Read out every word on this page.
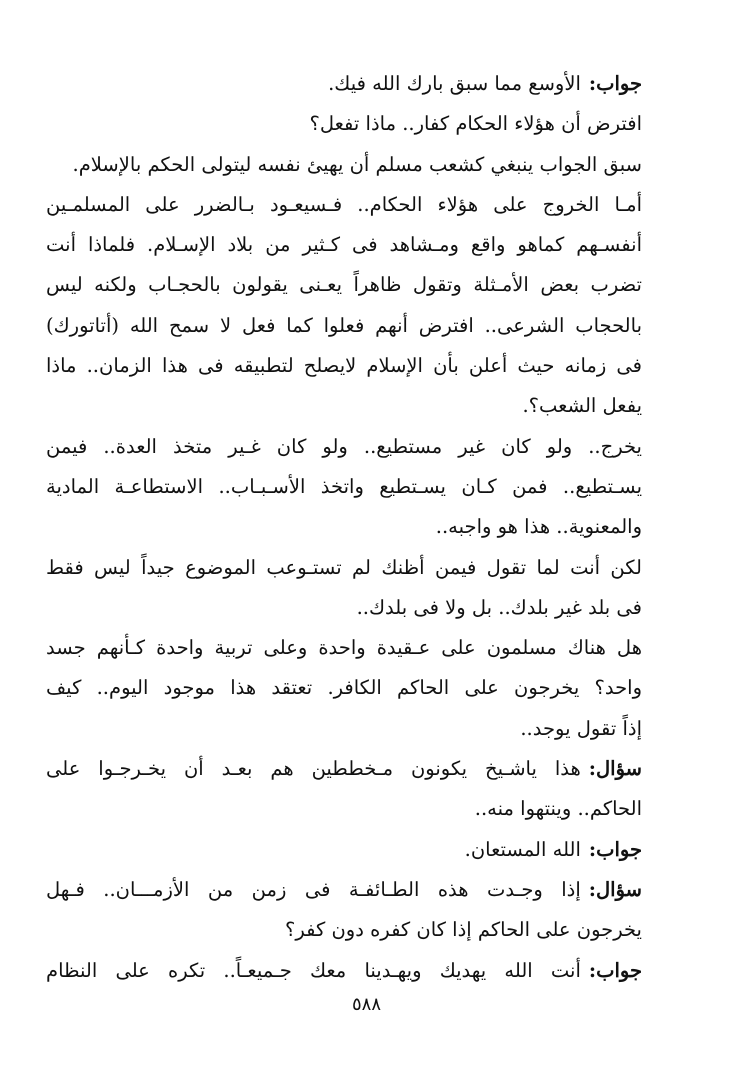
جواب:الأوسع مما سبق بارك الله فيك.
افترض أن هؤلاء الحكام كفار.. ماذا تفعل؟
سبق الجواب ينبغي كشعب مسلم أن يهيئ نفسه ليتولى الحكم بالإسلام.
أمـا الخروج على هؤلاء الحكام.. فـسيعـود بـالضرر على المسلمـين
أنفسـهم كماهو واقع ومـشاهد فى كـثير من بلاد الإسـلام. فلماذا أنت
تضرب بعض الأمـثلة وتقول ظاهراً يعـنى يقولون بالحجـاب ولكنه ليس
بالحجاب الشرعى.. افترض أنهم فعلوا كما فعل لا سمح الله (أتاتورك)
فى زمانه حيث أعلن بأن الإسلام لايصلح لتطبيقه فى هذا الزمان.. ماذا
يفعل الشعب؟.
يخرج.. ولو كان غير مستطيع.. ولو كان غـير متخذ العدة.. فيمن
يسـتطيع.. فمن كـان يسـتطيع واتخذ الأسـبـاب.. الاستطاعـة المادية
والمعنوية.. هذا هو واجبه..
لكن أنت لما تقول فيمن أظنك لم تستـوعب الموضوع جيداً ليس فقط
فى بلد غير بلدك.. بل ولا فى بلدك..
هل هناك مسلمون على عـقيدة واحدة وعلى تربية واحدة كـأنهم جسد
واحد؟ يخرجون على الحاكم الكافر. تعتقد هذا موجود اليوم.. كيف
إذاً تقول يوجد..
سؤال:هذا ياشـيخ يكونون مـخططين هم بعـد أن يخـرجـوا على
الحاكم.. وينتهوا منه..
جواب:الله المستعان.
سؤال:إذا وجـدت هذه الطـائفـة فى زمن من الأزمـــان.. فـهل
يخرجون على الحاكم إذا كان كفره دون كفر؟
جواب:أنت الله يهديك ويهـدينا معك جـميعـاً.. تكره على النظام
٥٨٨
